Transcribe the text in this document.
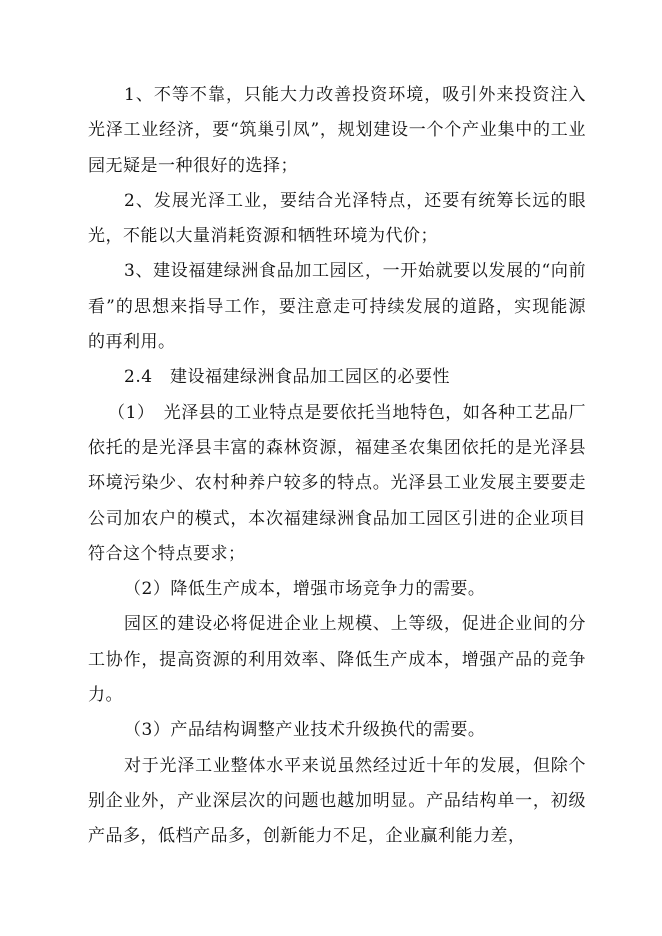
1、不等不靠，只能大力改善投资环境，吸引外来投资注入光泽工业经济，要“筑巢引凤”，规划建设一个个产业集中的工业园无疑是一种很好的选择；

2、发展光泽工业，要结合光泽特点，还要有统筹长远的眼光，不能以大量消耗资源和牺牲环境为代价；

3、建设福建绿洲食品加工园区，一开始就要以发展的“向前看”的思想来指导工作，要注意走可持续发展的道路，实现能源的再利用。

2.4　建设福建绿洲食品加工园区的必要性

（1）　光泽县的工业特点是要依托当地特色，如各种工艺品厂依托的是光泽县丰富的森林资源，福建圣农集团依托的是光泽县环境污染少、农村种养户较多的特点。光泽县工业发展主要要走公司加农户的模式，本次福建绿洲食品加工园区引进的企业项目符合这个特点要求；

（2）降低生产成本，增强市场竞争力的需要。

园区的建设必将促进企业上规模、上等级，促进企业间的分工协作，提高资源的利用效率、降低生产成本，增强产品的竞争力。

（3）产品结构调整产业技术升级换代的需要。

对于光泽工业整体水平来说虽然经过近十年的发展，但除个别企业外，产业深层次的问题也越加明显。产品结构单一，初级产品多，低档产品多，创新能力不足，企业赢利能力差，
